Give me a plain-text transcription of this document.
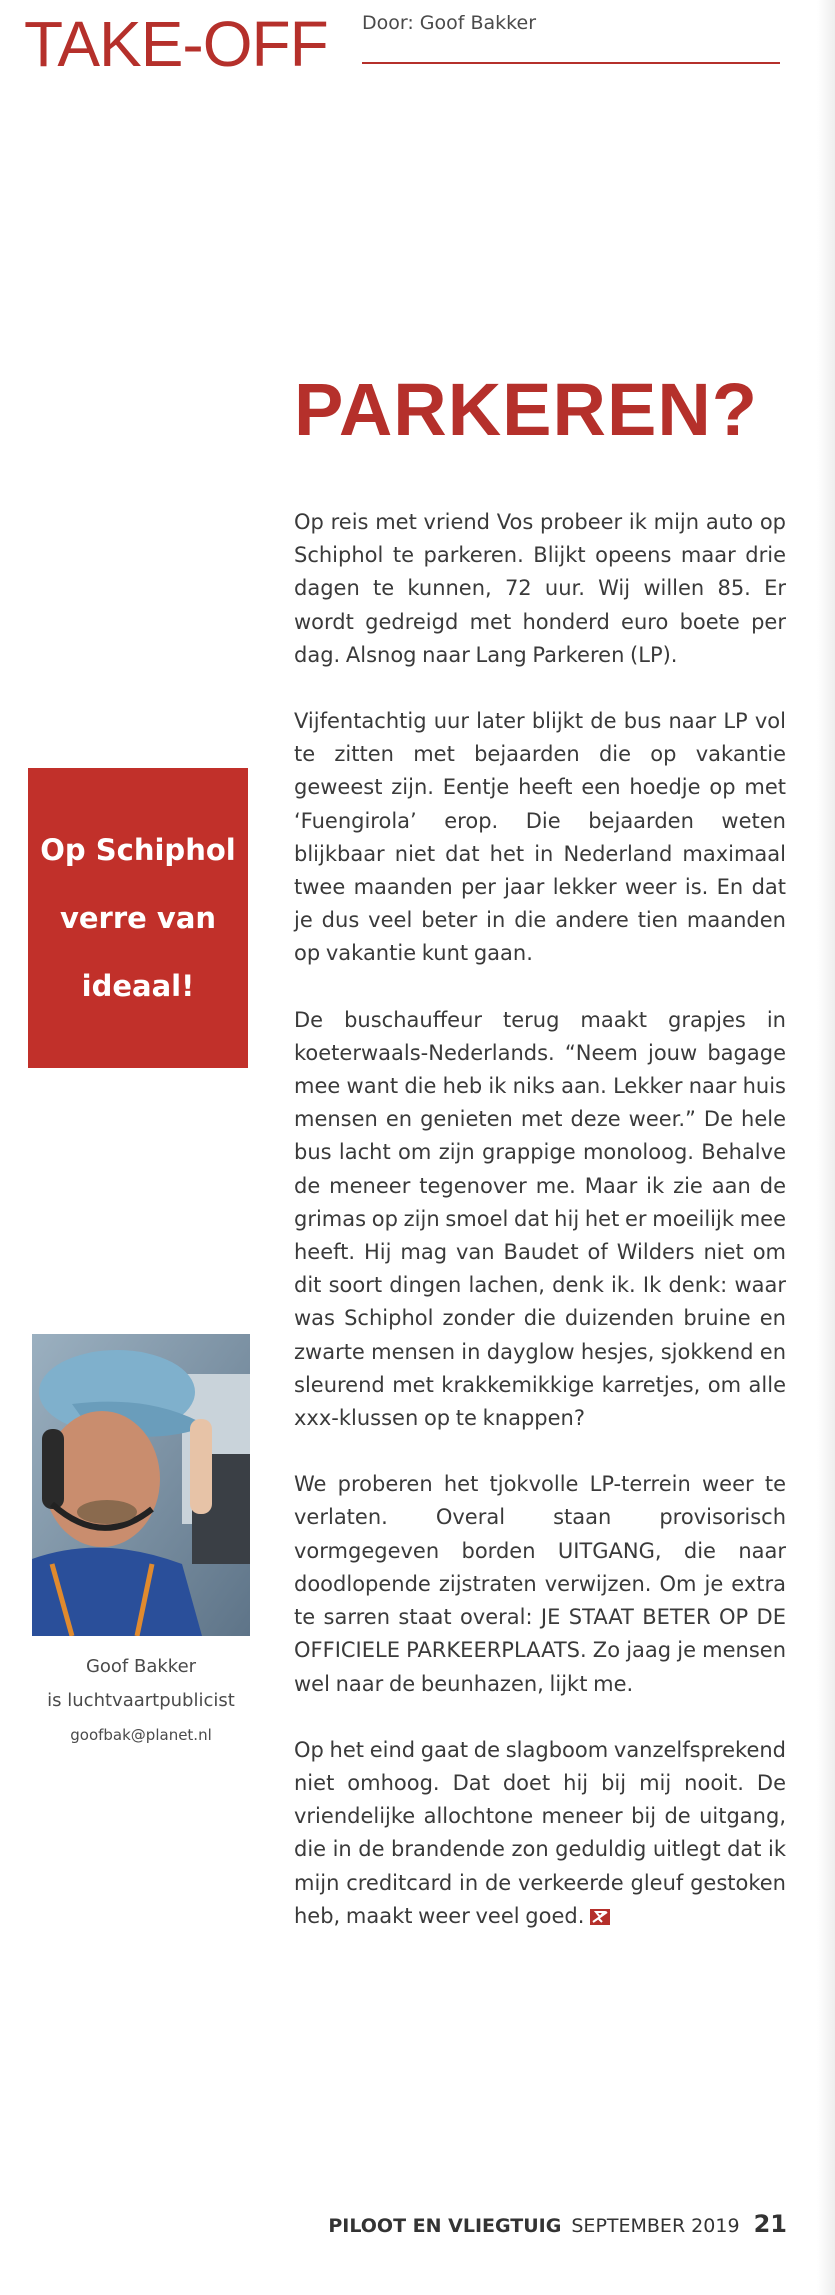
TAKE-OFF Door: Goof Bakker
PARKEREN?

Op reis met vriend Vos probeer ik mijn auto op Schiphol te parkeren. Blijkt opeens maar drie dagen te kunnen, 72 uur. Wij willen 85. Er wordt gedreigd met honderd euro boete per dag. Alsnog naar Lang Parkeren (LP).

Vijfentachtig uur later blijkt de bus naar LP vol te zitten met bejaarden die op vakantie geweest zijn. Eentje heeft een hoedje op met ‘Fuengirola’ erop. Die bejaarden weten blijkbaar niet dat het in Nederland maximaal twee maanden per jaar lekker weer is. En dat je dus veel beter in die andere tien maanden op vakantie kunt gaan.

De buschauffeur terug maakt grapjes in koeterwaals-Nederlands. “Neem jouw bagage mee want die heb ik niks aan. Lekker naar huis mensen en genieten met deze weer.” De hele bus lacht om zijn grappige monoloog. Behalve de meneer tegenover me. Maar ik zie aan de grimas op zijn smoel dat hij het er moeilijk mee heeft. Hij mag van Baudet of Wilders niet om dit soort dingen lachen, denk ik. Ik denk: waar was Schiphol zonder die duizenden bruine en zwarte mensen in dayglow hesjes, sjokkend en sleurend met krakkemikkige karretjes, om alle xxx-klussen op te knappen?

We proberen het tjokvolle LP-terrein weer te verlaten. Overal staan provisorisch vormgegeven borden UITGANG, die naar doodlopende zijstraten verwijzen. Om je extra te sarren staat overal: JE STAAT BETER OP DE OFFICIELE PARKEERPLAATS. Zo jaag je mensen wel naar de beunhazen, lijkt me.

Op het eind gaat de slagboom vanzelfsprekend niet omhoog. Dat doet hij bij mij nooit. De vriendelijke allochtone meneer bij de uitgang, die in de brandende zon geduldig uitlegt dat ik mijn creditcard in de verkeerde gleuf gestoken heb, maakt weer veel goed.

Op Schiphol
verre van
ideaal!
Goof Bakker
is luchtvaartpublicist
goofbak@planet.nl
PILOOT EN VLIEGTUIG SEPTEMBER 2019 21
